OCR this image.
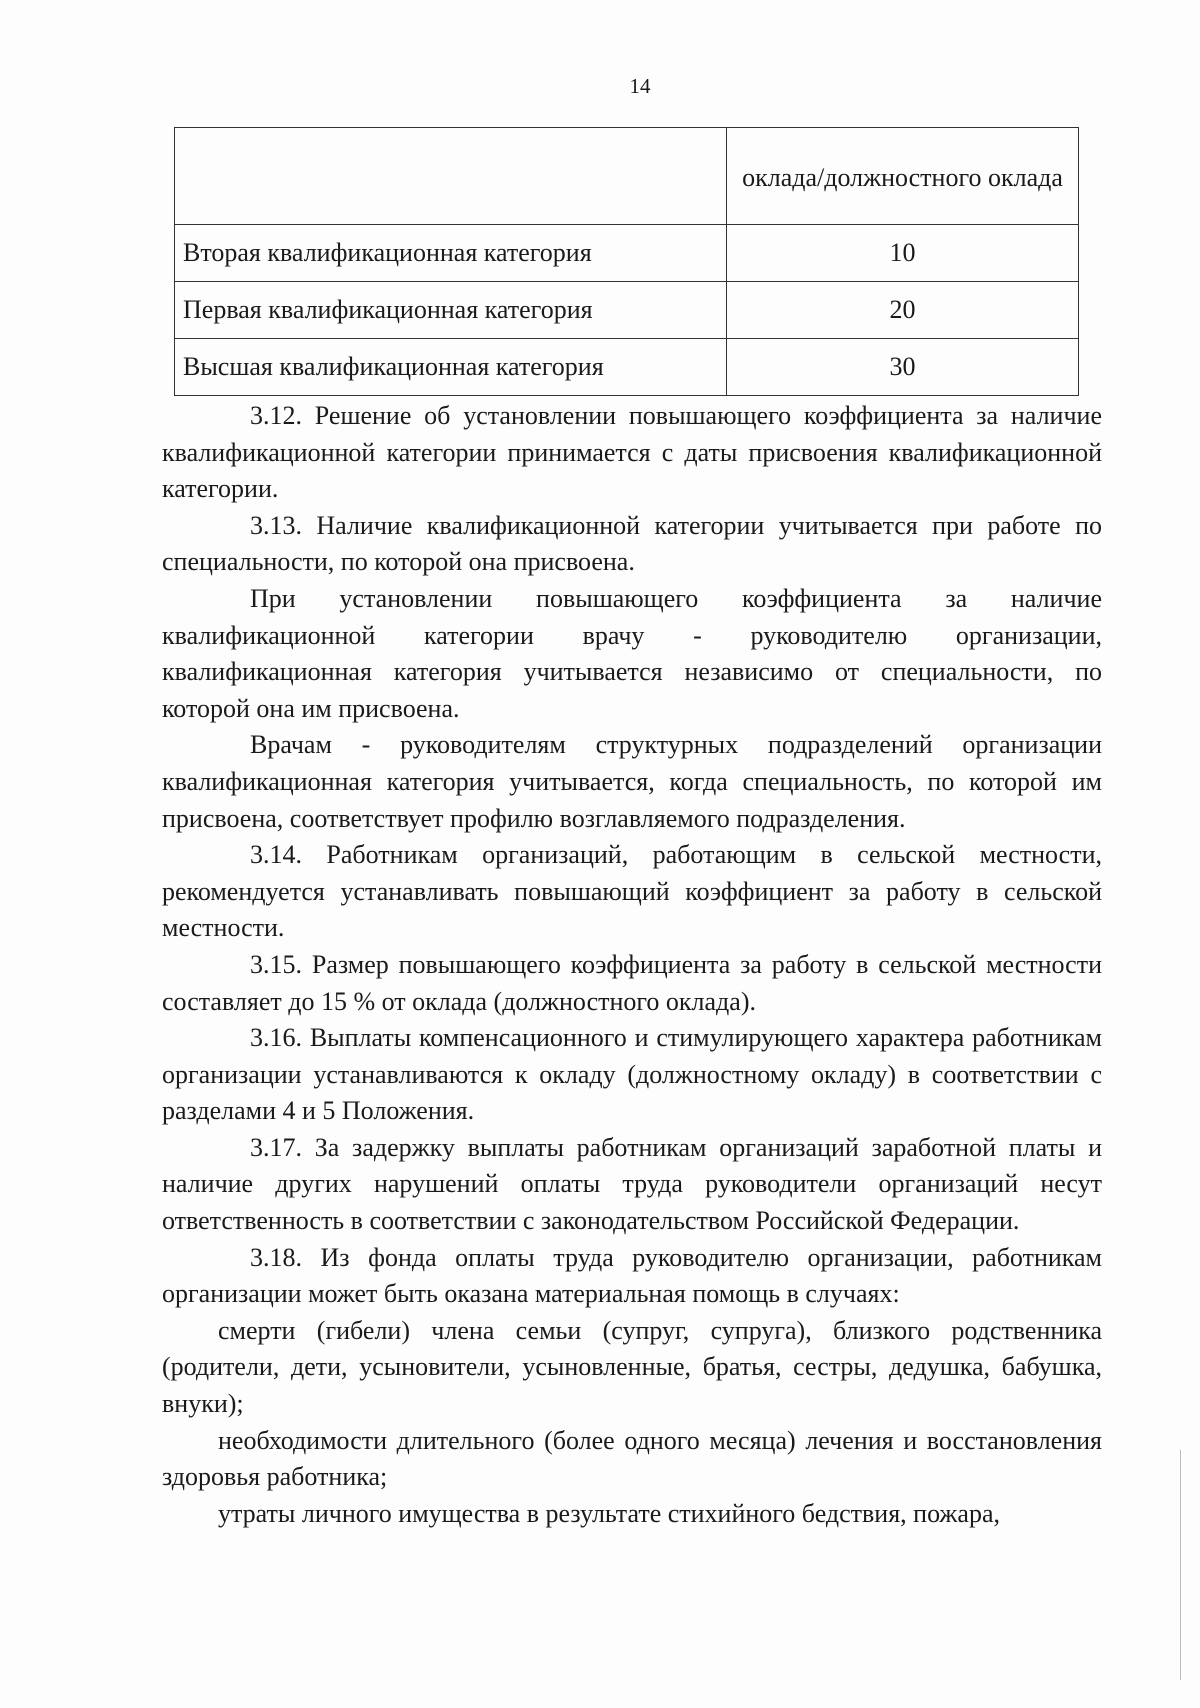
14

	оклада/должностного оклада
Вторая квалификационная категория	10
Первая квалификационная категория	20
Высшая квалификационная категория	30

3.12. Решение об установлении повышающего коэффициента за наличие квалификационной категории принимается с даты присвоения квалификационной категории.

3.13. Наличие квалификационной категории учитывается при работе по специальности, по которой она присвоена.

При установлении повышающего коэффициента за наличие квалификационной категории врачу - руководителю организации, квалификационная категория учитывается независимо от специальности, по которой она им присвоена.

Врачам - руководителям структурных подразделений организации квалификационная категория учитывается, когда специальность, по которой им присвоена, соответствует профилю возглавляемого подразделения.

3.14. Работникам организаций, работающим в сельской местности, рекомендуется устанавливать повышающий коэффициент за работу в сельской местности.

3.15. Размер повышающего коэффициента за работу в сельской местности составляет до 15 % от оклада (должностного оклада).

3.16. Выплаты компенсационного и стимулирующего характера работникам организации устанавливаются к окладу (должностному окладу) в соответствии с разделами 4 и 5 Положения.

3.17. За задержку выплаты работникам организаций заработной платы и наличие других нарушений оплаты труда руководители организаций несут ответственность в соответствии с законодательством Российской Федерации.

3.18. Из фонда оплаты труда руководителю организации, работникам организации может быть оказана материальная помощь в случаях:

смерти (гибели) члена семьи (супруг, супруга), близкого родственника (родители, дети, усыновители, усыновленные, братья, сестры, дедушка, бабушка, внуки);

необходимости длительного (более одного месяца) лечения и восстановления здоровья работника;

утраты личного имущества в результате стихийного бедствия, пожара,
